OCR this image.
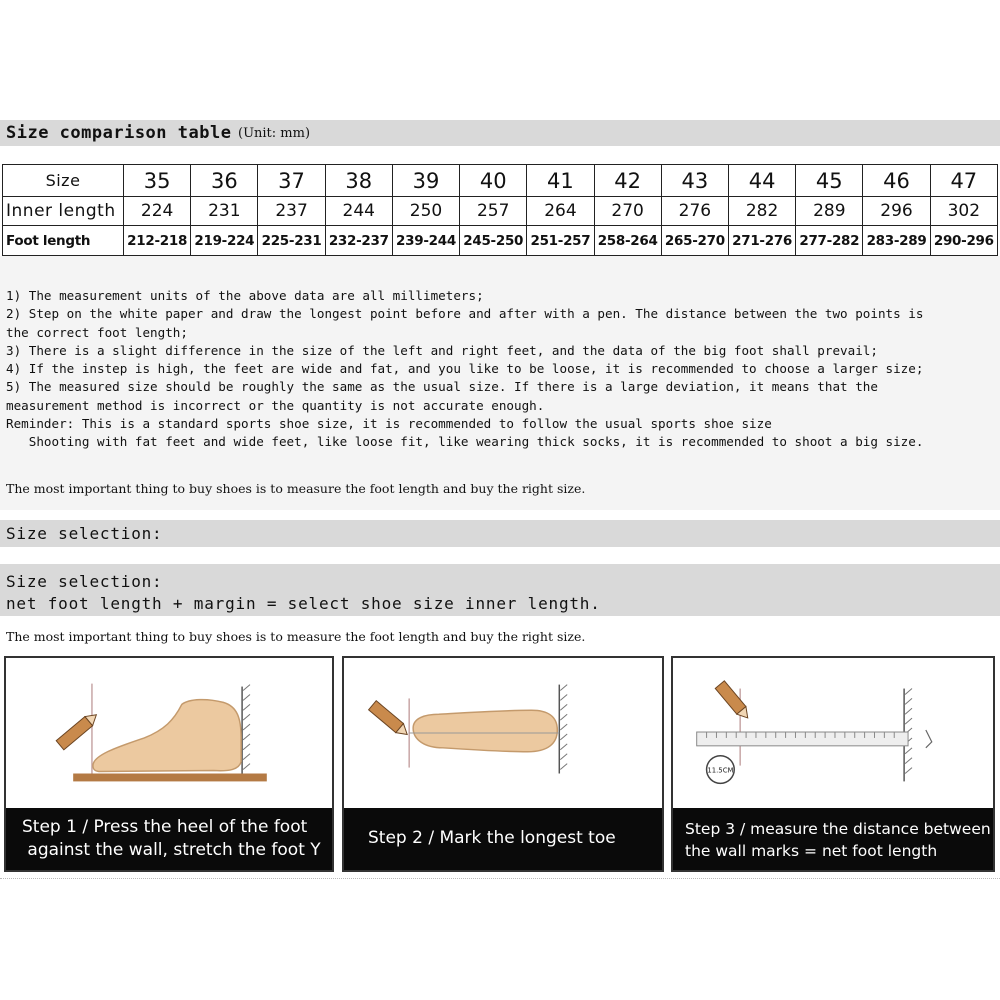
Size comparison table (Unit: mm)
Size	35	36	37	38	39	40	41	42	43	44	45	46	47
Inner length	224	231	237	244	250	257	264	270	276	282	289	296	302
Foot length	212-218	219-224	225-231	232-237	239-244	245-250	251-257	258-264	265-270	271-276	277-282	283-289	290-296
1) The measurement units of the above data are all millimeters;
2) Step on the white paper and draw the longest point before and after with a pen. The distance between the two points is
the correct foot length;
3) There is a slight difference in the size of the left and right feet, and the data of the big foot shall prevail;
4) If the instep is high, the feet are wide and fat, and you like to be loose, it is recommended to choose a larger size;
5) The measured size should be roughly the same as the usual size. If there is a large deviation, it means that the
measurement method is incorrect or the quantity is not accurate enough.
Reminder: This is a standard sports shoe size, it is recommended to follow the usual sports shoe size
Shooting with fat feet and wide feet, like loose fit, like wearing thick socks, it is recommended to shoot a big size.
The most important thing to buy shoes is to measure the foot length and buy the right size.
Size selection:
Size selection:
net foot length + margin = select shoe size inner length.
The most important thing to buy shoes is to measure the foot length and buy the right size.
Step 1 / Press the heel of the foot
against the wall, stretch the foot Y
Step 2 / Mark the longest toe
11.5CM
Step 3 / measure the distance between
the wall marks = net foot length
